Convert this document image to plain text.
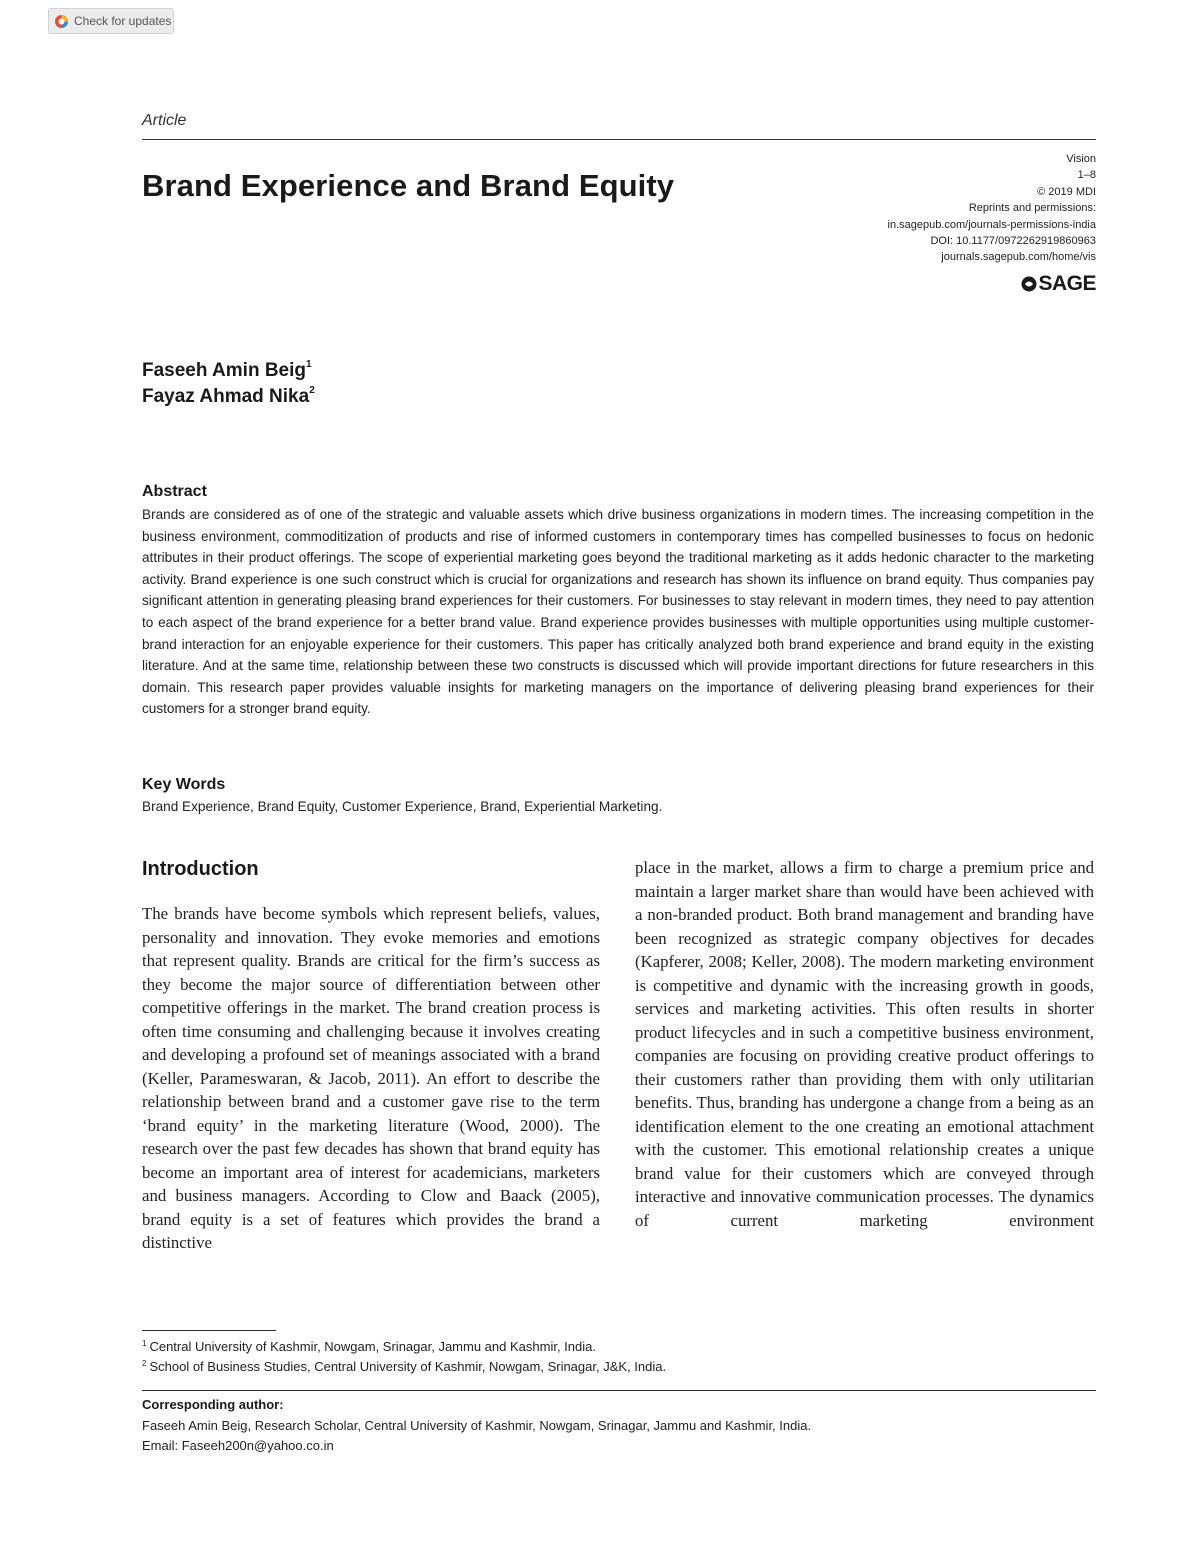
Check for updates
Article
Brand Experience and Brand Equity
Vision
1–8
© 2019 MDI
Reprints and permissions:
in.sagepub.com/journals-permissions-india
DOI: 10.1177/0972262919860963
journals.sagepub.com/home/vis
SAGE
Faseeh Amin Beig$^1$
Fayaz Ahmad Nika$^2$
Abstract

Brands are considered as of one of the strategic and valuable assets which drive business organizations in modern times. The increasing competition in the business environment, commoditization of products and rise of informed customers in contemporary times has compelled businesses to focus on hedonic attributes in their product offerings. The scope of experiential marketing goes beyond the traditional marketing as it adds hedonic character to the marketing activity. Brand experience is one such construct which is crucial for organizations and research has shown its influence on brand equity. Thus companies pay significant attention in generating pleasing brand experiences for their customers. For businesses to stay relevant in modern times, they need to pay attention to each aspect of the brand experience for a better brand value. Brand experience provides businesses with multiple opportunities using multiple customer-brand interaction for an enjoyable experience for their customers. This paper has critically analyzed both brand experience and brand equity in the existing literature. And at the same time, relationship between these two constructs is discussed which will provide important directions for future researchers in this domain. This research paper provides valuable insights for marketing managers on the importance of delivering pleasing brand experiences for their customers for a stronger brand equity.

Key Words
Brand Experience, Brand Equity, Customer Experience, Brand, Experiential Marketing.
Introduction

The brands have become symbols which represent beliefs, values, personality and innovation. They evoke memories and emotions that represent quality. Brands are critical for the firm’s success as they become the major source of differentiation between other competitive offerings in the market. The brand creation process is often time consuming and challenging because it involves creating and developing a profound set of meanings associated with a brand (Keller, Parameswaran, & Jacob, 2011). An effort to describe the relationship between brand and a customer gave rise to the term ‘brand equity’ in the marketing literature (Wood, 2000). The research over the past few decades has shown that brand equity has become an important area of interest for academicians, marketers and business managers. According to Clow and Baack (2005), brand equity is a set of features which provides the brand a distinctive

place in the market, allows a firm to charge a premium price and maintain a larger market share than would have been achieved with a non-branded product. Both brand management and branding have been recognized as strategic company objectives for decades (Kapferer, 2008; Keller, 2008). The modern marketing environment is competitive and dynamic with the increasing growth in goods, services and marketing activities. This often results in shorter product lifecycles and in such a competitive business environment, companies are focusing on providing creative product offerings to their customers rather than providing them with only utilitarian benefits. Thus, branding has undergone a change from a being as an identification element to the one creating an emotional attachment with the customer. This emotional relationship creates a unique brand value for their customers which are conveyed through interactive and innovative communication processes. The dynamics of current marketing environment

$^1$ Central University of Kashmir, Nowgam, Srinagar, Jammu and Kashmir, India.
$^2$ School of Business Studies, Central University of Kashmir, Nowgam, Srinagar, J&K, India.
Corresponding author:
Faseeh Amin Beig, Research Scholar, Central University of Kashmir, Nowgam, Srinagar, Jammu and Kashmir, India.
Email: Faseeh200n@yahoo.co.in
